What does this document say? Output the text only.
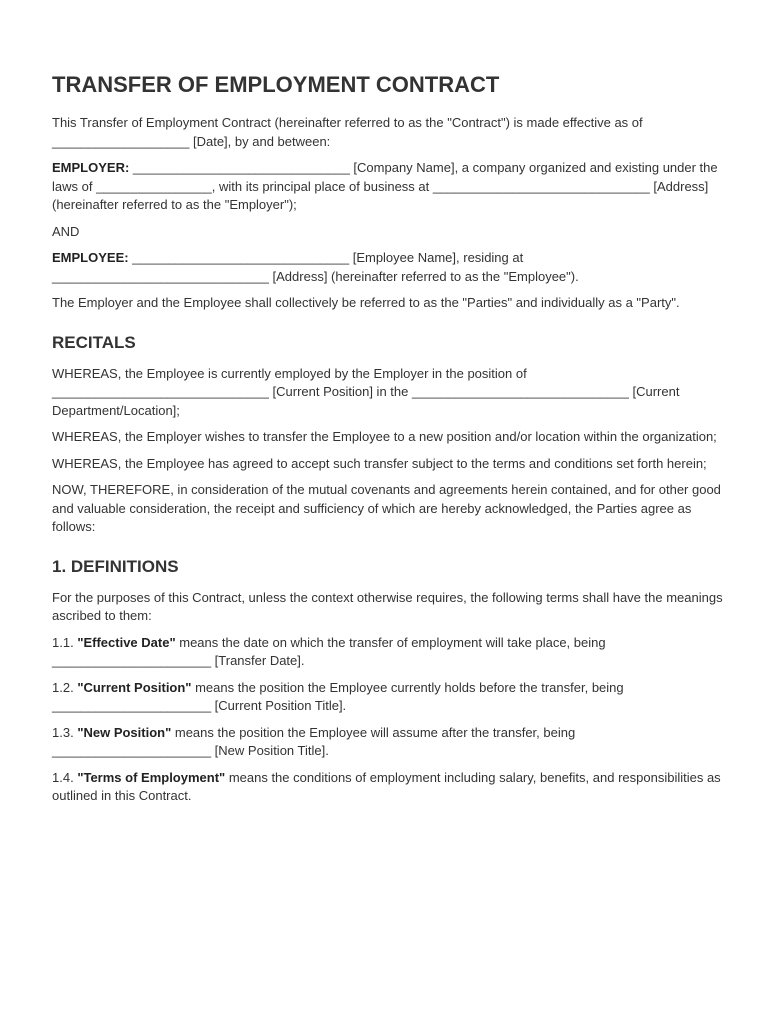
TRANSFER OF EMPLOYMENT CONTRACT

This Transfer of Employment Contract (hereinafter referred to as the "Contract") is made effective as of ___________________ [Date], by and between:

EMPLOYER: ______________________________ [Company Name], a company organized and existing under the laws of ________________, with its principal place of business at ______________________________ [Address] (hereinafter referred to as the "Employer");

AND

EMPLOYEE: ______________________________ [Employee Name], residing at ______________________________ [Address] (hereinafter referred to as the "Employee").

The Employer and the Employee shall collectively be referred to as the "Parties" and individually as a "Party".

RECITALS

WHEREAS, the Employee is currently employed by the Employer in the position of ______________________________ [Current Position] in the ______________________________ [Current Department/Location];

WHEREAS, the Employer wishes to transfer the Employee to a new position and/or location within the organization;

WHEREAS, the Employee has agreed to accept such transfer subject to the terms and conditions set forth herein;

NOW, THEREFORE, in consideration of the mutual covenants and agreements herein contained, and for other good and valuable consideration, the receipt and sufficiency of which are hereby acknowledged, the Parties agree as follows:

1. DEFINITIONS

For the purposes of this Contract, unless the context otherwise requires, the following terms shall have the meanings ascribed to them:

1.1. "Effective Date" means the date on which the transfer of employment will take place, being ______________________ [Transfer Date].

1.2. "Current Position" means the position the Employee currently holds before the transfer, being ______________________ [Current Position Title].

1.3. "New Position" means the position the Employee will assume after the transfer, being ______________________ [New Position Title].

1.4. "Terms of Employment" means the conditions of employment including salary, benefits, and responsibilities as outlined in this Contract.
